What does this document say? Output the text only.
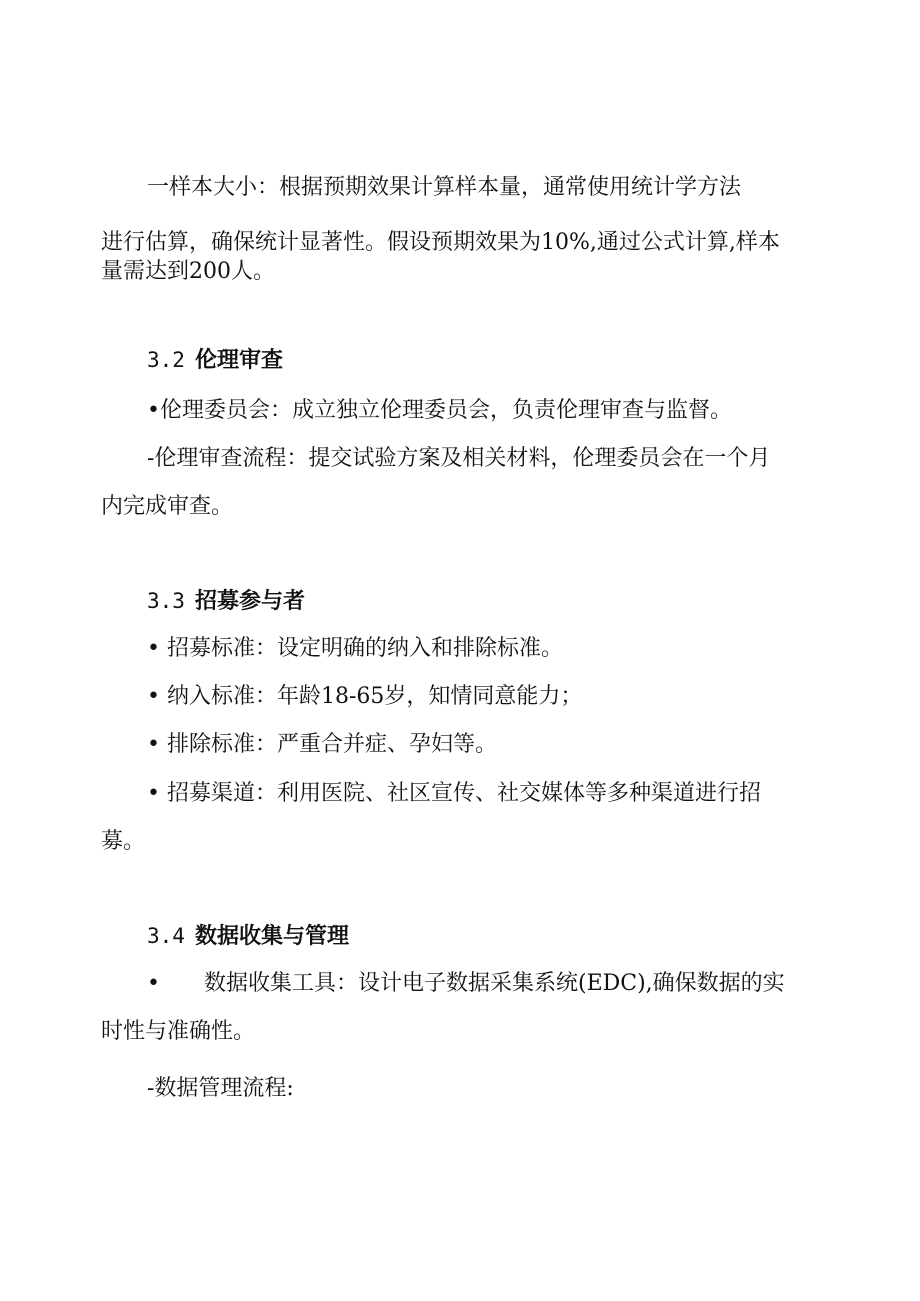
一样本大小：根据预期效果计算样本量，通常使用统计学方法

进行估算，确保统计显著性。假设预期效果为10%,通过公式计算,样本

量需达到200人。

3.2 伦理审查

•伦理委员会：成立独立伦理委员会，负责伦理审查与监督。

-伦理审查流程：提交试验方案及相关材料，伦理委员会在一个月

内完成审查。

3.3 招募参与者

• 招募标准：设定明确的纳入和排除标准。

• 纳入标准：年龄18-65岁，知情同意能力；

• 排除标准：严重合并症、孕妇等。

• 招募渠道：利用医院、社区宣传、社交媒体等多种渠道进行招

募。

3.4 数据收集与管理

• 数据收集工具：设计电子数据采集系统(EDC),确保数据的实

时性与准确性。

-数据管理流程:
